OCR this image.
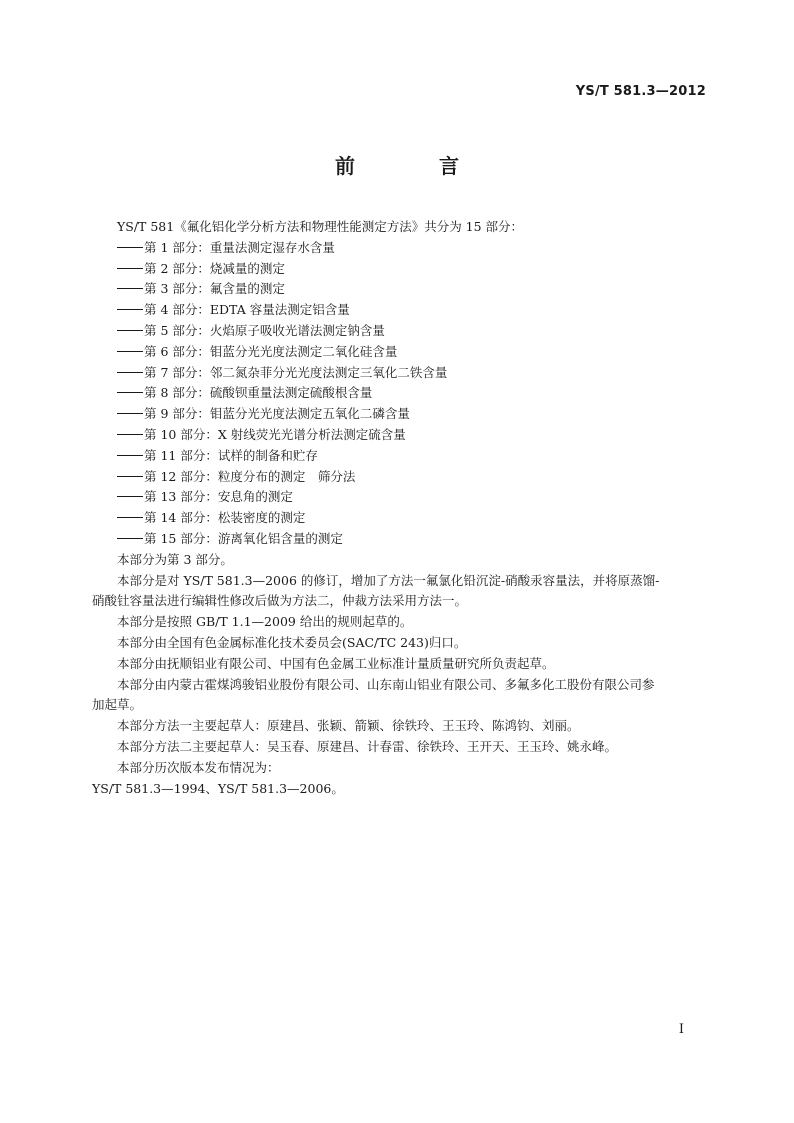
YS/T 581.3—2012
前　言
YS/T 581《氟化铝化学分析方法和物理性能测定方法》共分为 15 部分：
第 1 部分：重量法测定湿存水含量
第 2 部分：烧减量的测定
第 3 部分：氟含量的测定
第 4 部分：EDTA 容量法测定铝含量
第 5 部分：火焰原子吸收光谱法测定钠含量
第 6 部分：钼蓝分光光度法测定二氧化硅含量
第 7 部分：邻二氮杂菲分光光度法测定三氧化二铁含量
第 8 部分：硫酸钡重量法测定硫酸根含量
第 9 部分：钼蓝分光光度法测定五氧化二磷含量
第 10 部分：X 射线荧光光谱分析法测定硫含量
第 11 部分：试样的制备和贮存
第 12 部分：粒度分布的测定　筛分法
第 13 部分：安息角的测定
第 14 部分：松装密度的测定
第 15 部分：游离氧化铝含量的测定
本部分为第 3 部分。
本部分是对 YS/T 581.3—2006 的修订，增加了方法一氟氯化铅沉淀-硝酸汞容量法，并将原蒸馏-
硝酸钍容量法进行编辑性修改后做为方法二，仲裁方法采用方法一。
本部分是按照 GB/T 1.1—2009 给出的规则起草的。
本部分由全国有色金属标准化技术委员会(SAC/TC 243)归口。
本部分由抚顺铝业有限公司、中国有色金属工业标准计量质量研究所负责起草。
本部分由内蒙古霍煤鸿骏铝业股份有限公司、山东南山铝业有限公司、多氟多化工股份有限公司参
加起草。
本部分方法一主要起草人：原建昌、张颖、箭颖、徐铁玲、王玉玲、陈鸿钧、刘丽。
本部分方法二主要起草人：吴玉春、原建昌、计春雷、徐铁玲、王开天、王玉玲、姚永峰。
本部分历次版本发布情况为：
YS/T 581.3—1994、YS/T 581.3—2006。
I
